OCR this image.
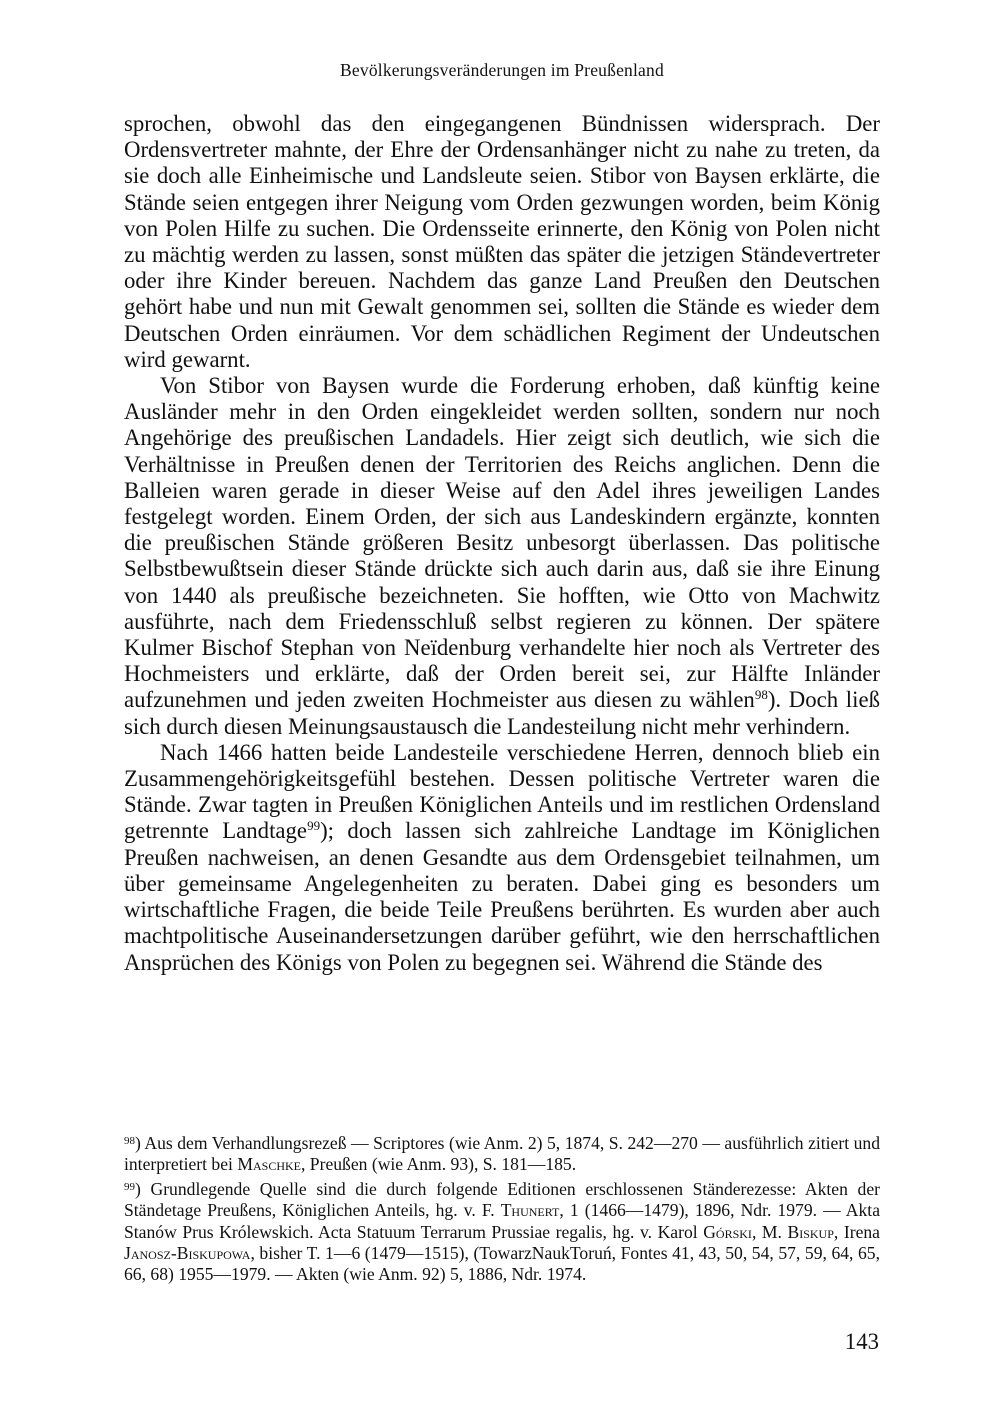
Bevölkerungsveränderungen im Preußenland

sprochen, obwohl das den eingegangenen Bündnissen widersprach. Der Ordensvertreter mahnte, der Ehre der Ordensanhänger nicht zu nahe zu treten, da sie doch alle Einheimische und Landsleute seien. Stibor von Baysen erklärte, die Stände seien entgegen ihrer Neigung vom Orden gezwungen worden, beim König von Polen Hilfe zu suchen. Die Ordensseite erinnerte, den König von Polen nicht zu mächtig werden zu lassen, sonst müßten das später die jetzigen Ständevertreter oder ihre Kinder bereuen. Nachdem das ganze Land Preußen den Deutschen gehört habe und nun mit Gewalt genommen sei, sollten die Stände es wieder dem Deutschen Orden einräumen. Vor dem schädlichen Regiment der Undeutschen wird gewarnt.

Von Stibor von Baysen wurde die Forderung erhoben, daß künftig keine Ausländer mehr in den Orden eingekleidet werden sollten, sondern nur noch Angehörige des preußischen Landadels. Hier zeigt sich deutlich, wie sich die Verhältnisse in Preußen denen der Territorien des Reichs anglichen. Denn die Balleien waren gerade in dieser Weise auf den Adel ihres jeweiligen Landes festgelegt worden. Einem Orden, der sich aus Landeskindern ergänzte, konnten die preußischen Stände größeren Besitz unbesorgt überlassen. Das politische Selbstbewußtsein dieser Stände drückte sich auch darin aus, daß sie ihre Einung von 1440 als preußische bezeichneten. Sie hofften, wie Otto von Machwitz ausführte, nach dem Friedensschluß selbst regieren zu können. Der spätere Kulmer Bischof Stephan von Neïdenburg verhandelte hier noch als Vertreter des Hochmeisters und erklärte, daß der Orden bereit sei, zur Hälfte Inländer aufzunehmen und jeden zweiten Hochmeister aus diesen zu wählen$^{98}$). Doch ließ sich durch diesen Meinungsaustausch die Landesteilung nicht mehr verhindern.

Nach 1466 hatten beide Landesteile verschiedene Herren, dennoch blieb ein Zusammengehörigkeitsgefühl bestehen. Dessen politische Vertreter waren die Stände. Zwar tagten in Preußen Königlichen Anteils und im restlichen Ordensland getrennte Landtage$^{99}$); doch lassen sich zahlreiche Landtage im Königlichen Preußen nachweisen, an denen Gesandte aus dem Ordensgebiet teilnahmen, um über gemeinsame Angelegenheiten zu beraten. Dabei ging es besonders um wirtschaftliche Fragen, die beide Teile Preußens berührten. Es wurden aber auch machtpolitische Auseinandersetzungen darüber geführt, wie den herrschaftlichen Ansprüchen des Königs von Polen zu begegnen sei. Während die Stände des

$^{98}$) Aus dem Verhandlungsrezeß — Scriptores (wie Anm. 2) 5, 1874, S. 242—270 — ausführlich zitiert und interpretiert bei Maschke, Preußen (wie Anm. 93), S. 181—185.

$^{99}$) Grundlegende Quelle sind die durch folgende Editionen erschlossenen Ständerezesse: Akten der Ständetage Preußens, Königlichen Anteils, hg. v. F. Thunert, 1 (1466—1479), 1896, Ndr. 1979. — Akta Stanów Prus Królewskich. Acta Statuum Terrarum Prussiae regalis, hg. v. Karol Górski, M. Biskup, Irena Janosz-Biskupowa, bisher T. 1—6 (1479—1515), (TowarzNaukToruń, Fontes 41, 43, 50, 54, 57, 59, 64, 65, 66, 68) 1955—1979. — Akten (wie Anm. 92) 5, 1886, Ndr. 1974.

143
